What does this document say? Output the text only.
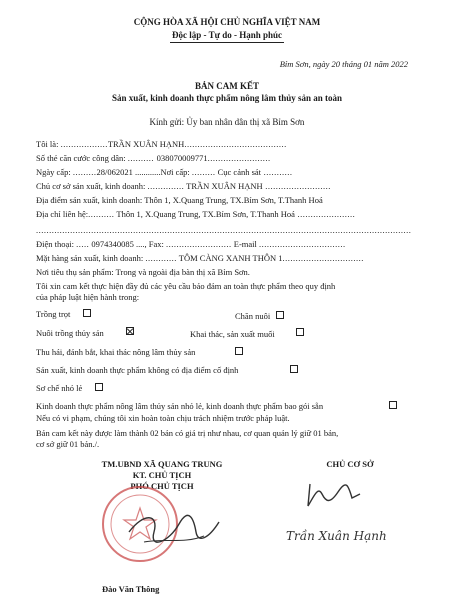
CỘNG HÒA XÃ HỘI CHỦ NGHĨA VIỆT NAM
Độc lập - Tự do - Hạnh phúc
Bỉm Sơn, ngày 20 tháng 01 năm 2022
BẢN CAM KẾT
Sản xuất, kinh doanh thực phẩm nông lâm thủy sản an toàn
Kính gửi: Ủy ban nhân dân thị xã Bỉm Sơn
Tôi là: ..................TRẦN XUÂN HẠNH.......................................
Số thẻ căn cước công dân: .......... 038070009771........................
Ngày cấp: .........28/062021 ............Nơi cấp: ......... Cục cảnh sát ...........
Chủ cơ sở sản xuất, kinh doanh: .............. TRẦN XUÂN HẠNH .........................
Địa điểm sản xuất, kinh doanh: Thôn 1, X.Quang Trung, TX.Bỉm Sơn, T.Thanh Hoá
Địa chỉ liên hệ:.......... Thôn 1, X.Quang Trung, TX.Bỉm Sơn, T.Thanh Hoá ......................
...............................................................................................................................................
Điện thoại: ..... 0974340085 ...., Fax: ......................... E-mail .................................
Mặt hàng sản xuất, kinh doanh: ............ TÔM CÀNG XANH THÔN 1...............................
Nơi tiêu thụ sản phẩm: Trong và ngoài địa bàn thị xã Bỉm Sơn.
Tôi xin cam kết thực hiện đầy đủ các yêu cầu bảo đảm an toàn thực phẩm theo quy định
của pháp luật hiện hành trong:
Trồng trọt	Chăn nuôi
Nuôi trồng thủy sản	Khai thác, sản xuất muối
Thu hái, đánh bắt, khai thác nông lâm thủy sản
Sản xuất, kinh doanh thực phẩm không có địa điểm cố định
Sơ chế nhỏ lẻ
Kinh doanh thực phẩm nông lâm thủy sản nhỏ lẻ, kinh doanh thực phẩm bao gói sẵn
Nếu có vi phạm, chúng tôi xin hoàn toàn chịu trách nhiệm trước pháp luật.
Bản cam kết này được làm thành 02 bản có giá trị như nhau, cơ quan quản lý giữ 01 bản,
cơ sở giữ 01 bản./.
TM.UBND XÃ QUANG TRUNG
KT. CHỦ TỊCH
PHÓ CHỦ TỊCH
Đào Văn Thông
CHỦ CƠ SỞ
Trần Xuân Hạnh
